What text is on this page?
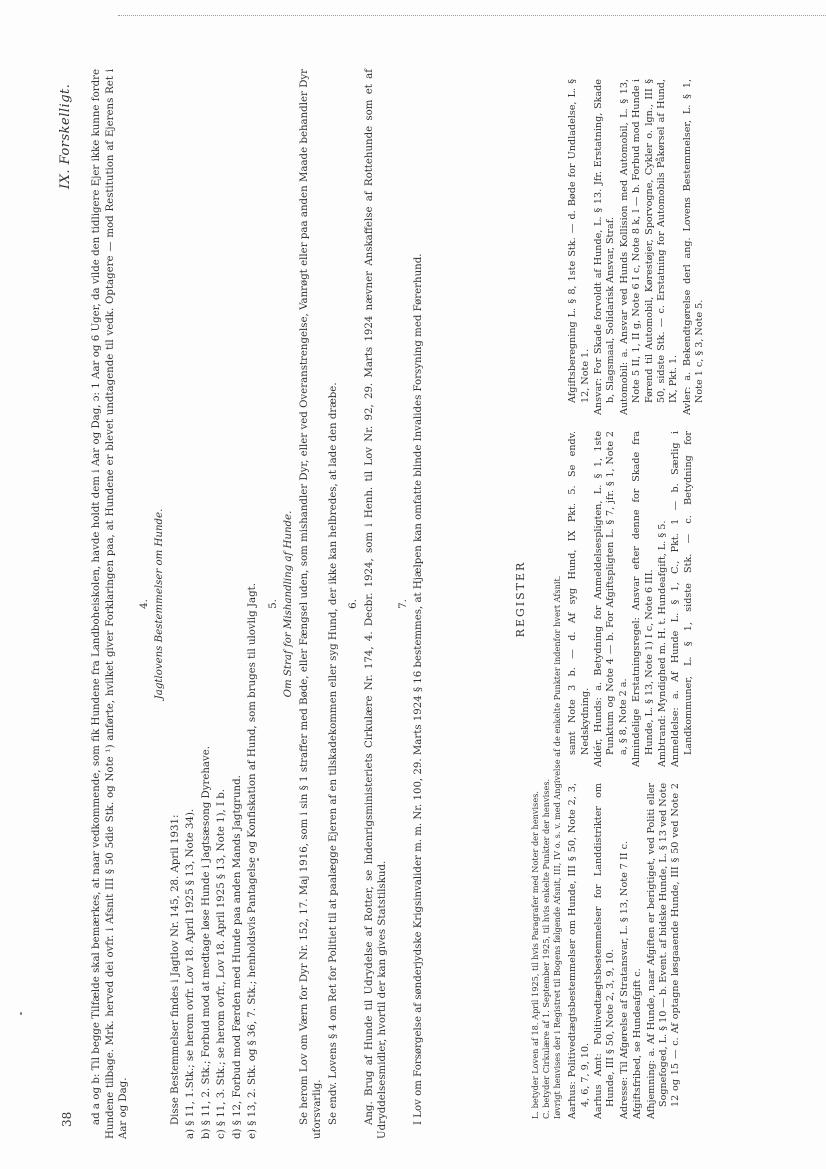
38
IX. Forskelligt. ad a og b: Til begge Tilfælde skal bemærkes, at naar vedkommende, som fik Hundene fra Landboheiskolen, havde holdt dem i Aar og Dag, ɔ: 1 Aar og 6 Uger, da vilde den tidligere Ejer ikke kunne fordre Hundene tilbage. Mrk. herved dei ovfr. i Afsnit III § 50 5die Stk. og Note ¹) anførte, hvilket giver Forklaringen paa, at Hundene er blevet undtagende til vedk. Optagere — mod Restitution af Ejerens Ret i Aar og Dag.

4. Jagtlovens Bestemmelser om Hunde.

Disse Bestemmelser findes i Jagtlov Nr. 145, 28. April 1931: a) § 11, 1.Stk.; se herom ovfr. Lov 18. April 1925 § 13, Note 34). b) § 11, 2. Stk.; Forbud mod at medtage løse Hunde i Jagtsæsong Dyrehave. c) § 11, 3. Stk.; se herom ovfr., Lov 18. April 1925 § 13, Note 1), I b. d) § 12, Forbud mod Færden med Hunde paa anden Mands Jagtgrund. e) § 13, 2. Stk. og § 36, 7. Stk.; henholdsvis Pantagelse og Konfiskation af Hund, som bruges til ulovlig Jagt. 5. Om Straf for Mishandling af Hunde. Se herom Lov om Værn for Dyr Nr. 152, 17. Maj 1916, som i sin § 1 straffer med Bøde, eller Fængsel uden, som mishandler Dyr, eller ved Overanstrengelse, Vanrøgt eller paa anden Maade behandler Dyr uforsvarlig. Se endv. Lovens § 4 om Ret for Politiet til at paalægge Ejeren af en tilskadekommen eller syg Hund, der ikke kan helbredes, at lade den dræbe. 6. Ang. Brug af Hunde til Udrydelse af Rotter, se Indenrigsministeriets Cirkulære Nr. 174, 4. Decbr. 1924, som i Henh. til Lov Nr. 92, 29. Marts 1924 nævner Anskaffelse af Rottehunde som et af Udryddelsesmidler, hvortil der kan gives Statstilskud.

7. I Lov om Forsørgelse af sønderjydske Krigsinvalider m. m. Nr. 100, 29. Marts 1924 § 16 bestemmes, at Hjælpen kan omfatte blinde Invalides Forsyning med Førerhund.	REGISTER

L. betyder Loven af 18. April 1925, til hvis Paragrafer med Noter der henvises. C. betyder Cirkulære af 1. September 1925, til hvis enkelte Punkter der henvises. Iøvrigt henvises der i Registret til Bogens følgende Afsnit, III, IV o. s. v. med Angivelse af de enkelte Punkter indenfor hvert Afsnit. Aarhus: Politivedtægtsbestemmelser om Hunde, III § 50, Note 2, 3, 4, 6, 7, 9, 10. Aarhus Amt: Politivedtægtsbestemmelser for Landdistrikter om Hunde, III § 50, Note 2, 3, 9, 10. Adresse: Til Afgørelse af Stratansvar, L. § 13, Note 7 II c. Afgiftsfribed, se Hundeafgift c. Afhjemning: a. Af Hunde, naar Afgiften er berigtiget, ved Politi eller Sognefoged, L. § 10 — b. Event. af bidske Hunde, L. § 13 ved Note 12 og 15 — c. Af optagne løsgaaende Hunde, III § 50 ved Note 2 samt Note 3 b. — d. Af syg Hund, IX Pkt. 5. Se endv. Nedskydning. Aldér, Hunds: a. Betydning for Anmeldelsespligten, L. § 1, 1ste Punktum og Note 4 — b. For Afgiftspligten L. § 7, jfr. § 1, Note 2 a, § 8, Note 2 a. Almindelige Erstatningsregel: Ansvar efter denne for Skade fra Hunde, L. § 13, Note 1) I c, Note 6 III. Ambtrand: Myndighed m. H. t. Hundeafgift, L. § 5. Anmeldelse: a. Af Hunde L. § 1, C., Pkt. 1 — b. Særlig i Landkommuner, L. § 1, sidste Stk. — c. Betydning for Afgiftsberegning L. § 8, 1ste Stk. — d. Bøde for Undladelse, L. § 12, Note 1. Ansvar: For Skade forvoldt af Hunde, L. § 13. Jfr. Erstatning, Skade b, Slagsmaal, Solidarisk Ansvar, Straf. Automobil: a. Ansvar ved Hunds Kollision med Automobil, L. § 13, Note 5 II, 1, II g, Note 6 I c, Note 8 k, l — b. Forbud mod Hunde i Førend til Automobil, Kørestøjer, Sporvogne, Cykler o. lgn., III § 50, sidste Stk. — c. Erstatning for Automobils Påkørsel af Hund, IX, Pkt. 1. Avler: a. Bekendtgørelse derl ang. Lovens Bestemmelser, L. § 1, Note 1 c, § 3, Note 5.
